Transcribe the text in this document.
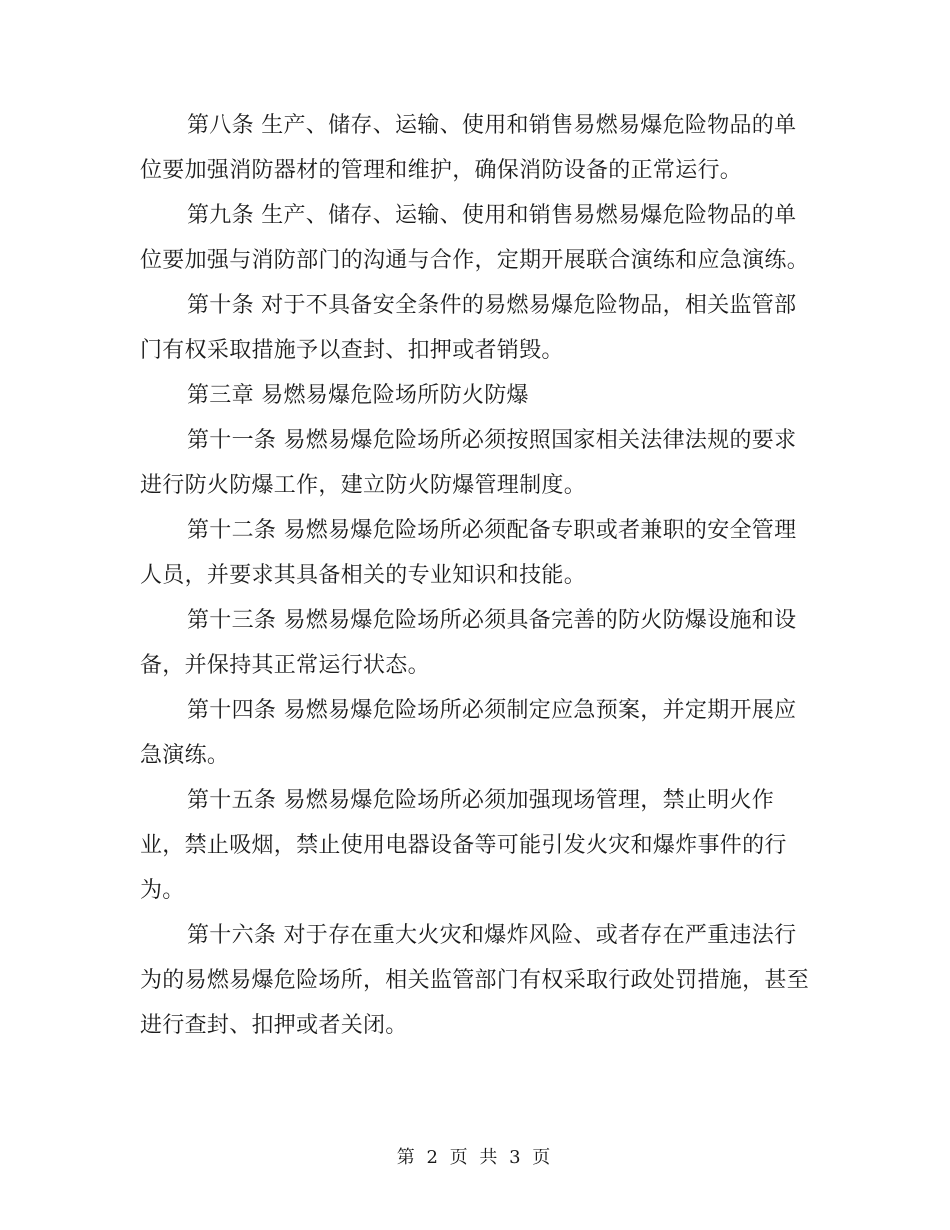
第八条 生产、储存、运输、使用和销售易燃易爆危险物品的单位要加强消防器材的管理和维护，确保消防设备的正常运行。

第九条 生产、储存、运输、使用和销售易燃易爆危险物品的单位要加强与消防部门的沟通与合作，定期开展联合演练和应急演练。

第十条 对于不具备安全条件的易燃易爆危险物品，相关监管部门有权采取措施予以查封、扣押或者销毁。

第三章 易燃易爆危险场所防火防爆

第十一条 易燃易爆危险场所必须按照国家相关法律法规的要求进行防火防爆工作，建立防火防爆管理制度。

第十二条 易燃易爆危险场所必须配备专职或者兼职的安全管理人员，并要求其具备相关的专业知识和技能。

第十三条 易燃易爆危险场所必须具备完善的防火防爆设施和设备，并保持其正常运行状态。

第十四条 易燃易爆危险场所必须制定应急预案，并定期开展应急演练。

第十五条 易燃易爆危险场所必须加强现场管理，禁止明火作业，禁止吸烟，禁止使用电器设备等可能引发火灾和爆炸事件的行为。

第十六条 对于存在重大火灾和爆炸风险、或者存在严重违法行为的易燃易爆危险场所，相关监管部门有权采取行政处罚措施，甚至进行查封、扣押或者关闭。

第 2 页 共 3 页
